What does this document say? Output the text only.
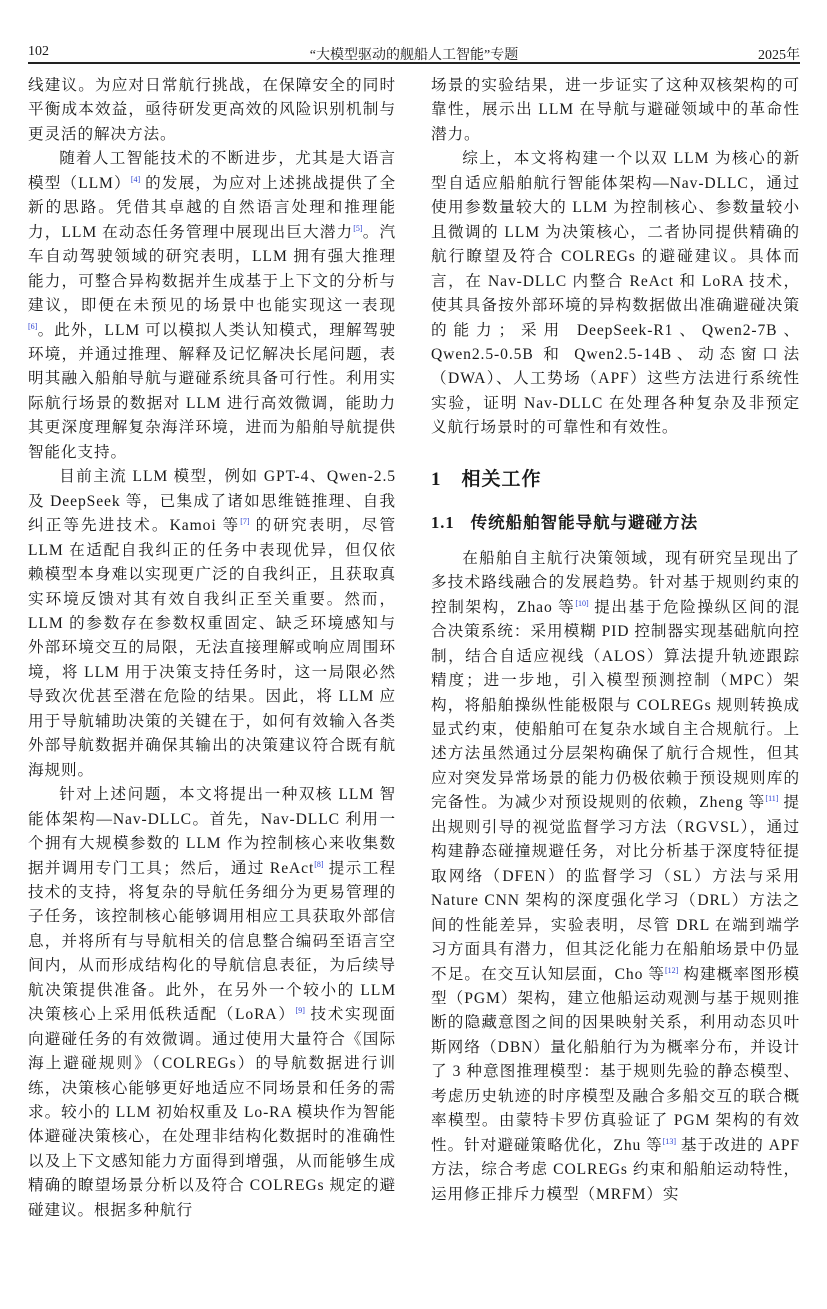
102	“大模型驱动的舰船人工智能”专题	2025年

线建议。为应对日常航行挑战，在保障安全的同时平衡成本效益，亟待研发更高效的风险识别机制与更灵活的解决方法。

随着人工智能技术的不断进步，尤其是大语言模型（LLM）[4] 的发展，为应对上述挑战提供了全新的思路。凭借其卓越的自然语言处理和推理能力，LLM 在动态任务管理中展现出巨大潜力[5]。汽车自动驾驶领域的研究表明，LLM 拥有强大推理能力，可整合异构数据并生成基于上下文的分析与建议，即便在未预见的场景中也能实现这一表现[6]。此外，LLM 可以模拟人类认知模式，理解驾驶环境，并通过推理、解释及记忆解决长尾问题，表明其融入船舶导航与避碰系统具备可行性。利用实际航行场景的数据对 LLM 进行高效微调，能助力其更深度理解复杂海洋环境，进而为船舶导航提供智能化支持。

目前主流 LLM 模型，例如 GPT-4、Qwen-2.5 及 DeepSeek 等，已集成了诸如思维链推理、自我纠正等先进技术。Kamoi 等[7] 的研究表明，尽管 LLM 在适配自我纠正的任务中表现优异，但仅依赖模型本身难以实现更广泛的自我纠正，且获取真实环境反馈对其有效自我纠正至关重要。然而，LLM 的参数存在参数权重固定、缺乏环境感知与外部环境交互的局限，无法直接理解或响应周围环境，将 LLM 用于决策支持任务时，这一局限必然导致次优甚至潜在危险的结果。因此，将 LLM 应用于导航辅助决策的关键在于，如何有效输入各类外部导航数据并确保其输出的决策建议符合既有航海规则。

针对上述问题，本文将提出一种双核 LLM 智能体架构—Nav-DLLC。首先，Nav-DLLC 利用一个拥有大规模参数的 LLM 作为控制核心来收集数据并调用专门工具；然后，通过 ReAct[8] 提示工程技术的支持，将复杂的导航任务细分为更易管理的子任务，该控制核心能够调用相应工具获取外部信息，并将所有与导航相关的信息整合编码至语言空间内，从而形成结构化的导航信息表征，为后续导航决策提供准备。此外，在另外一个较小的 LLM 决策核心上采用低秩适配（LoRA）[9] 技术实现面向避碰任务的有效微调。通过使用大量符合《国际海上避碰规则》（COLREGs）的导航数据进行训练，决策核心能够更好地适应不同场景和任务的需求。较小的 LLM 初始权重及 Lo-RA 模块作为智能体避碰决策核心，在处理非结构化数据时的准确性以及上下文感知能力方面得到增强，从而能够生成精确的瞭望场景分析以及符合 COLREGs 规定的避碰建议。根据多种航行

场景的实验结果，进一步证实了这种双核架构的可靠性，展示出 LLM 在导航与避碰领域中的革命性潜力。

综上，本文将构建一个以双 LLM 为核心的新型自适应船舶航行智能体架构—Nav-DLLC，通过使用参数量较大的 LLM 为控制核心、参数量较小且微调的 LLM 为决策核心，二者协同提供精确的航行瞭望及符合 COLREGs 的避碰建议。具体而言，在 Nav-DLLC 内整合 ReAct 和 LoRA 技术，使其具备按外部环境的异构数据做出准确避碰决策的能力；采用 DeepSeek-R1、Qwen2-7B、Qwen2.5-0.5B 和 Qwen2.5-14B、动态窗口法（DWA）、人工势场（APF）这些方法进行系统性实验，证明 Nav-DLLC 在处理各种复杂及非预定义航行场景时的可靠性和有效性。

1 相关工作
1.1 传统船舶智能导航与避碰方法

在船舶自主航行决策领域，现有研究呈现出了多技术路线融合的发展趋势。针对基于规则约束的控制架构，Zhao 等[10] 提出基于危险操纵区间的混合决策系统：采用模糊 PID 控制器实现基础航向控制，结合自适应视线（ALOS）算法提升轨迹跟踪精度；进一步地，引入模型预测控制（MPC）架构，将船舶操纵性能极限与 COLREGs 规则转换成显式约束，使船舶可在复杂水域自主合规航行。上述方法虽然通过分层架构确保了航行合规性，但其应对突发异常场景的能力仍极依赖于预设规则库的完备性。为减少对预设规则的依赖，Zheng 等[11] 提出规则引导的视觉监督学习方法（RGVSL），通过构建静态碰撞规避任务，对比分析基于深度特征提取网络（DFEN）的监督学习（SL）方法与采用 Nature CNN 架构的深度强化学习（DRL）方法之间的性能差异，实验表明，尽管 DRL 在端到端学习方面具有潜力，但其泛化能力在船舶场景中仍显不足。在交互认知层面，Cho 等[12] 构建概率图形模型（PGM）架构，建立他船运动观测与基于规则推断的隐藏意图之间的因果映射关系，利用动态贝叶斯网络（DBN）量化船舶行为为概率分布，并设计了 3 种意图推理模型：基于规则先验的静态模型、考虑历史轨迹的时序模型及融合多船交互的联合概率模型。由蒙特卡罗仿真验证了 PGM 架构的有效性。针对避碰策略优化，Zhu 等[13] 基于改进的 APF 方法，综合考虑 COLREGs 约束和船舶运动特性，运用修正排斥力模型（MRFM）实
